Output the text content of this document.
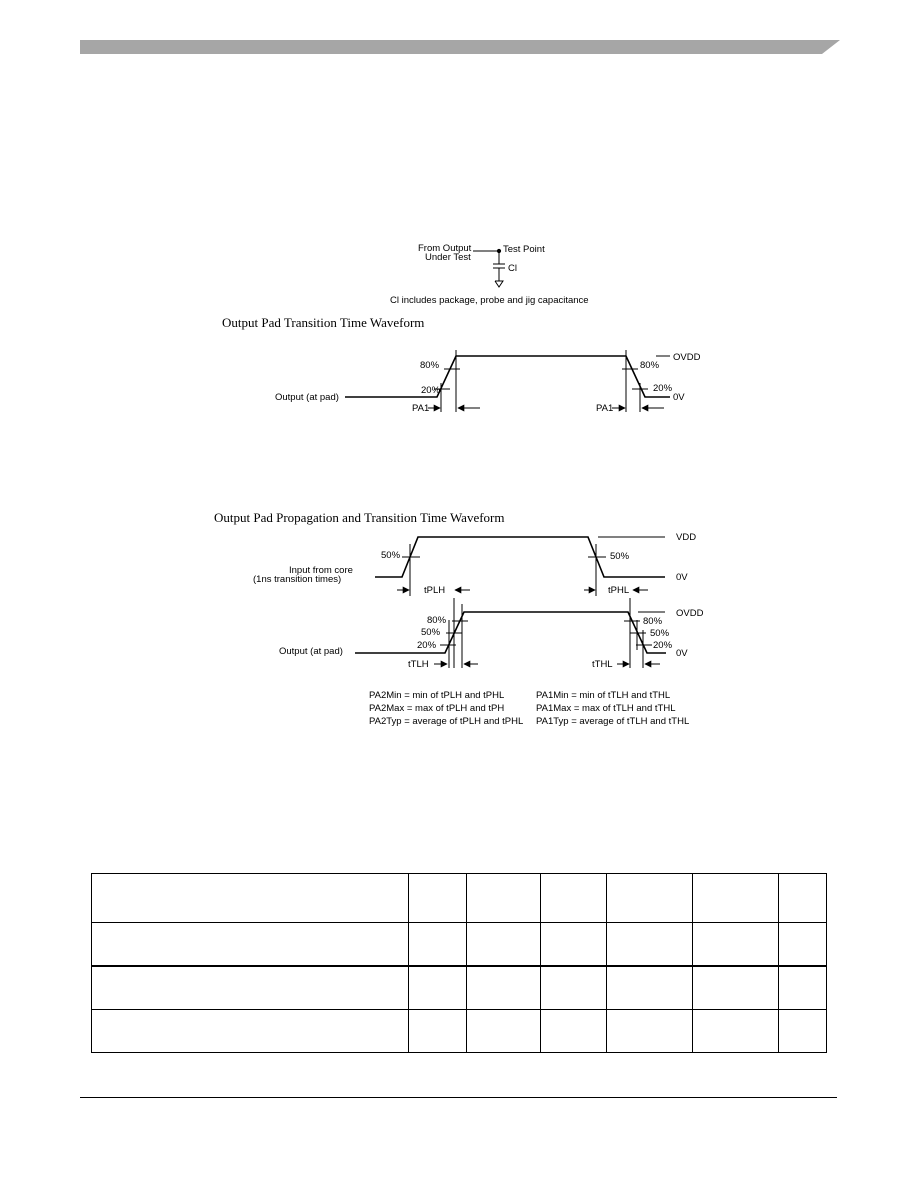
From Output
Under Test
Test Point
Cl
Cl includes package, probe and jig capacitance
Output Pad Transition Time Waveform
Output (at pad)
80%
20%
80%
20%
OVDD
0V
PA1	PA1
Output Pad Propagation and Transition Time Waveform
VDD
0V
OVDD
0V
Input from core
(1ns transition times)
Output (at pad)
50%	50%
tPLH	tPHL
80%
50%
20%
80%
50%
20%
tTLH	tTHL
PA2Min = min of tPLH and tPHL
PA2Max = max of tPLH and tPH
PA2Typ = average of tPLH and tPHL
PA1Min = min of tTLH and tTHL
PA1Max = max of tTLH and tTHL
PA1Typ = average of tTLH and tTHL
